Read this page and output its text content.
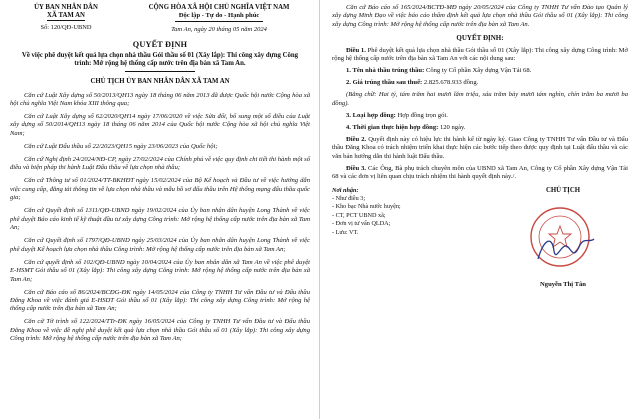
ỦY BAN NHÂN DÂN
XÃ TAM AN
Số: 120/QĐ-UBND
CỘNG HÒA XÃ HỘI CHỦ NGHĨA VIỆT NAM
Độc lập - Tự do - Hạnh phúc
Tam An, ngày 20 tháng 05 năm 2024
QUYẾT ĐỊNH
Về việc phê duyệt kết quả lựa chọn nhà thầu Gói thầu số 01 (Xây lắp): Thi công xây dựng Công trình: Mở rộng hệ thống cấp nước trên địa bàn xã Tam An.
CHỦ TỊCH ỦY BAN NHÂN DÂN XÃ TAM AN
Căn cứ Luật Xây dựng số 50/2013/QH13 ngày 18 tháng 06 năm 2013 đã được Quốc hội nước Cộng hòa xã hội chủ nghĩa Việt Nam khóa XIII thông qua;
Căn cứ Luật Xây dựng số 62/2020/QH14 ngày 17/06/2020 về việc Sửa đổi, bổ sung một số điều của Luật xây dựng số 50/2014/QH13 ngày 18 tháng 06 năm 2014 của Quốc hội nước Cộng hòa xã hội chủ nghĩa Việt Nam;
Căn cứ Luật Đấu thầu số 22/2023/QH15 ngày 23/06/2023 của Quốc hội;
Căn cứ Nghị định 24/2024/NĐ-CP, ngày 27/02/2024 của Chính phủ về việc quy định chi tiết thi hành một số điều và biện pháp thi hành Luật Đấu thầu về lựa chọn nhà thầu;
Căn cứ Thông tư số 01/2024/TT-BKHĐT ngày 15/02/2024 của Bộ Kế hoạch và Đầu tư về việc hướng dẫn việc cung cấp, đăng tải thông tin về lựa chọn nhà thầu và mẫu hồ sơ đấu thầu trên Hệ thống mạng đấu thầu quốc gia;
Căn cứ Quyết định số 1311/QĐ-UBND ngày 19/02/2024 của Ủy ban nhân dân huyện Long Thành về việc phê duyệt Báo cáo kinh tế kỹ thuật đầu tư xây dựng Công trình: Mở rộng hệ thống cấp nước trên địa bàn xã Tam An;
Căn cứ Quyết định số 1797/QĐ-UBND ngày 25/03/2024 của Ủy ban nhân dân huyện Long Thành về việc phê duyệt Kế hoạch lựa chọn nhà thầu Công trình: Mở rộng hệ thống cấp nước trên địa bàn xã Tam An;
Căn cứ quyết định số 102/QĐ-UBND ngày 10/04/2024 của Ủy ban nhân dân xã Tam An về việc phê duyệt E-HSMT Gói thầu số 01 (Xây lắp): Thi công xây dựng Công trình: Mở rộng hệ thống cấp nước trên địa bàn xã Tam An;
Căn cứ Báo cáo số 86/2024/BCĐG-ĐK ngày 14/05/2024 của Công ty TNHH Tư vấn Đầu tư và Đấu thầu Đăng Khoa về việc đánh giá E-HSDT Gói thầu số 01 (Xây lắp): Thi công xây dựng Công trình: Mở rộng hệ thống cấp nước trên địa bàn xã Tam An;
Căn cứ Tờ trình số 122/2024/TTr-ĐK ngày 16/05/2024 của Công ty TNHH Tư vấn Đầu tư và Đấu thầu Đăng Khoa về việc đề nghị phê duyệt kết quả lựa chọn nhà thầu Gói thầu số 01 (Xây lắp): Thi công xây dựng Công trình: Mở rộng hệ thống cấp nước trên địa bàn xã Tam An;
Căn cứ Báo cáo số 165/2024/BCTĐ-MĐ ngày 20/05/2024 của Công ty TNHH Tư vấn Đào tạo Quản lý xây dựng Minh Đạo về việc báo cáo thẩm định kết quả lựa chọn nhà thầu Gói thầu số 01 (Xây lắp): Thi công xây dựng Công trình: Mở rộng hệ thống cấp nước trên địa bàn xã Tam An.
QUYẾT ĐỊNH:
Điều 1. Phê duyệt kết quả lựa chọn nhà thầu Gói thầu số 01 (Xây lắp): Thi công xây dựng Công trình: Mở rộng hệ thống cấp nước trên địa bàn xã Tam An với các nội dung sau:
1. Tên nhà thầu trúng thầu: Công ty Cổ phần Xây dựng Vận Tải 68.
2. Giá trúng thầu sau thuế: 2.825.678.933 đồng.
(Bằng chữ: Hai tỷ, tám trăm hai mươi lăm triệu, sáu trăm bảy mươi tám nghìn, chín trăm ba mươi ba đồng).
3. Loại hợp đồng: Hợp đồng trọn gói.
4. Thời gian thực hiện hợp đồng: 120 ngày.
Điều 2. Quyết định này có hiệu lực thi hành kể từ ngày ký. Giao Công ty TNHH Tư vấn Đầu tư và Đấu thầu Đăng Khoa có trách nhiệm triển khai thực hiện các bước tiếp theo được quy định tại Luật đấu thầu và các văn bản hướng dẫn thi hành luật Đấu thầu.
Điều 3. Các Ông, Bà phụ trách chuyên môn của UBND xã Tam An, Công ty Cổ phần Xây dựng Vận Tải 68 và các đơn vị liên quan chịu trách nhiệm thi hành quyết định này./.
Nơi nhận:
- Như điều 3;
- Kho bạc Nhà nước huyện;
- CT, PCT UBND xã;
- Đơn vị tư vấn QLDA;
- Lưu: VT.
CHỦ TỊCH
Nguyễn Thị Tân
